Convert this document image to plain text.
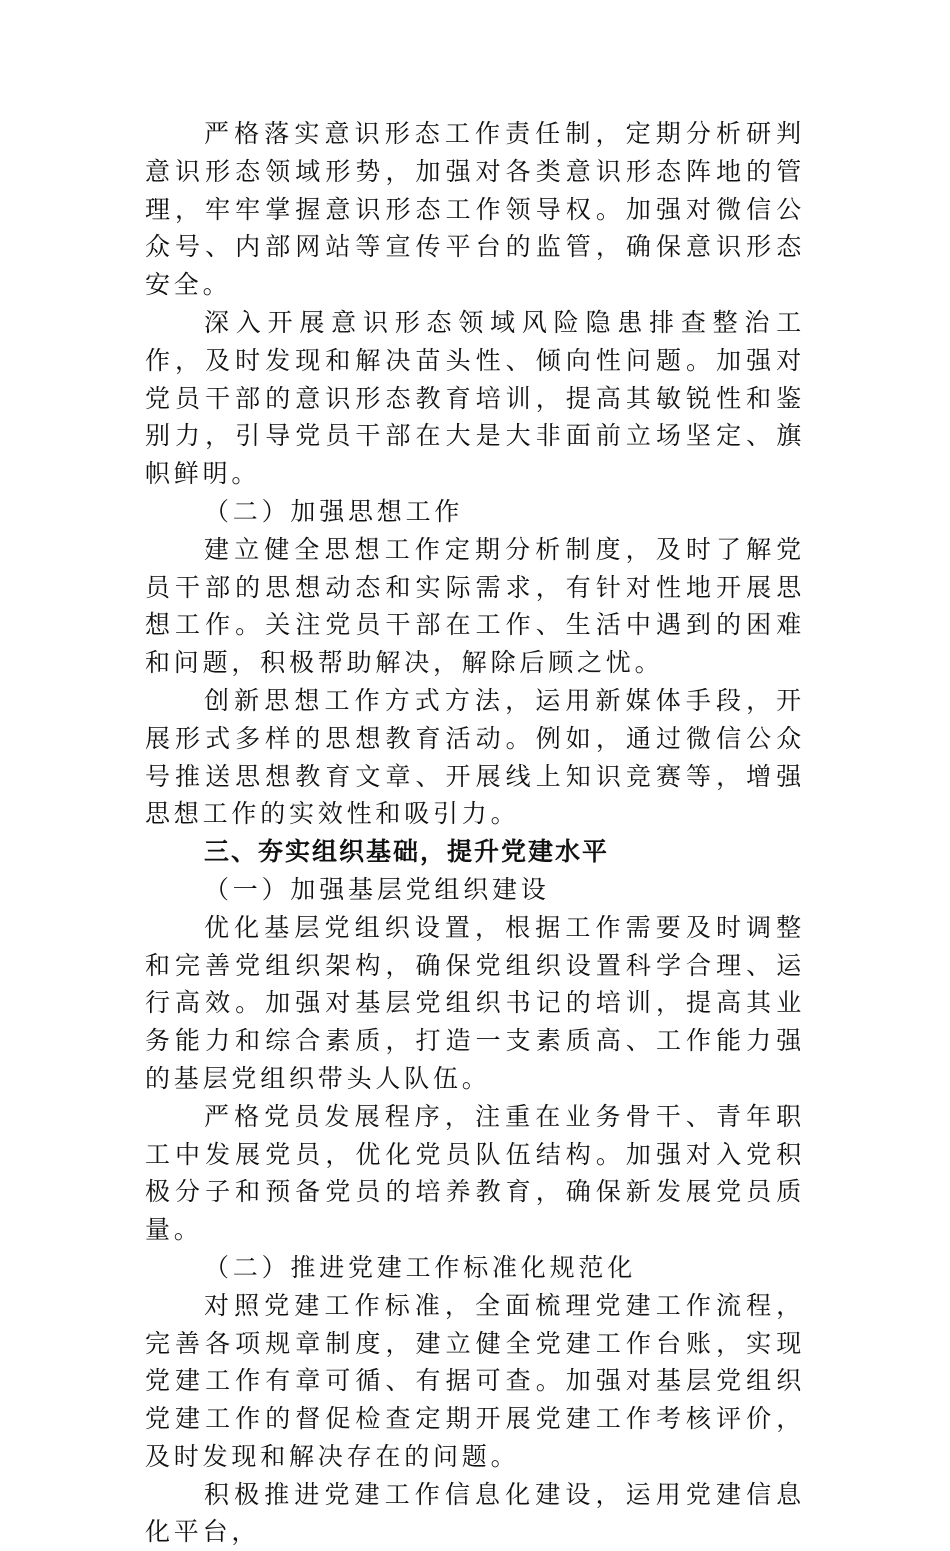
严格落实意识形态工作责任制，定期分析研判意识形态领域形势，加强对各类意识形态阵地的管理，牢牢掌握意识形态工作领导权。加强对微信公众号、内部网站等宣传平台的监管，确保意识形态安全。

深入开展意识形态领域风险隐患排查整治工作，及时发现和解决苗头性、倾向性问题。加强对党员干部的意识形态教育培训，提高其敏锐性和鉴别力，引导党员干部在大是大非面前立场坚定、旗帜鲜明。

（二）加强思想工作

建立健全思想工作定期分析制度，及时了解党员干部的思想动态和实际需求，有针对性地开展思想工作。关注党员干部在工作、生活中遇到的困难和问题，积极帮助解决，解除后顾之忧。

创新思想工作方式方法，运用新媒体手段，开展形式多样的思想教育活动。例如，通过微信公众号推送思想教育文章、开展线上知识竞赛等，增强思想工作的实效性和吸引力。

三、夯实组织基础，提升党建水平

（一）加强基层党组织建设

优化基层党组织设置，根据工作需要及时调整和完善党组织架构，确保党组织设置科学合理、运行高效。加强对基层党组织书记的培训，提高其业务能力和综合素质，打造一支素质高、工作能力强的基层党组织带头人队伍。

严格党员发展程序，注重在业务骨干、青年职工中发展党员，优化党员队伍结构。加强对入党积极分子和预备党员的培养教育，确保新发展党员质量。

（二）推进党建工作标准化规范化

对照党建工作标准，全面梳理党建工作流程，完善各项规章制度，建立健全党建工作台账，实现党建工作有章可循、有据可查。加强对基层党组织党建工作的督促检查定期开展党建工作考核评价，及时发现和解决存在的问题。

积极推进党建工作信息化建设，运用党建信息化平台，
